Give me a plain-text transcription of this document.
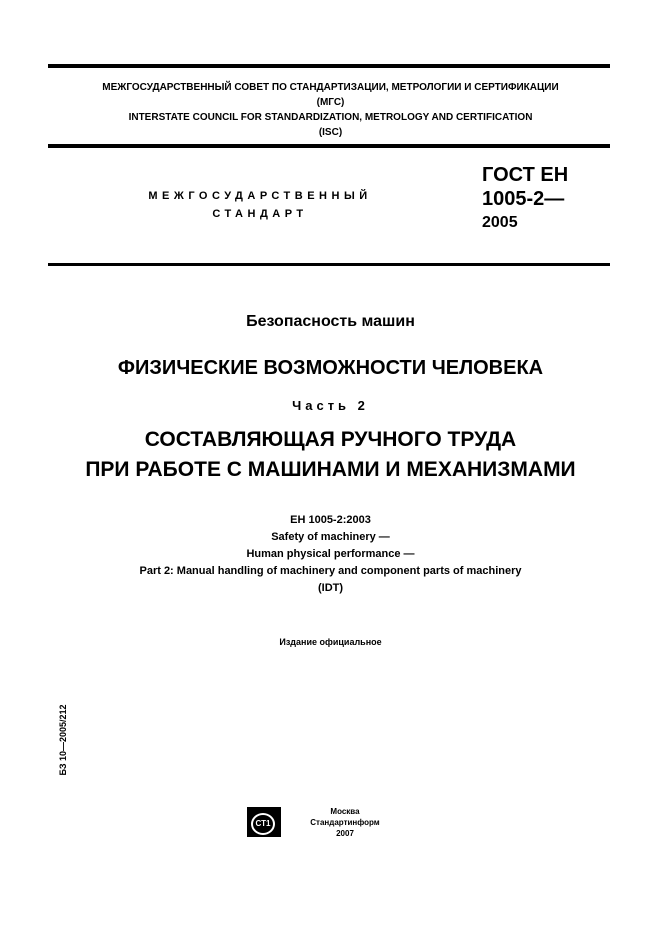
МЕЖГОСУДАРСТВЕННЫЙ СОВЕТ ПО СТАНДАРТИЗАЦИИ, МЕТРОЛОГИИ И СЕРТИФИКАЦИИ
(МГС)
INTERSTATE COUNCIL FOR STANDARDIZATION, METROLOGY AND CERTIFICATION
(ISC)
МЕЖГОСУДАРСТВЕННЫЙ
СТАНДАРТ
ГОСТ ЕН
1005-2—
2005
Безопасность машин
ФИЗИЧЕСКИЕ ВОЗМОЖНОСТИ ЧЕЛОВЕКА
Часть 2
СОСТАВЛЯЮЩАЯ РУЧНОГО ТРУДА
ПРИ РАБОТЕ С МАШИНАМИ И МЕХАНИЗМАМИ
EH 1005-2:2003
Safety of machinery —
Human physical performance —
Part 2: Manual handling of machinery and component parts of machinery
(IDT)
Издание официальное
БЗ 10—2005/212
СТ1
Москва
Стандартинформ
2007
